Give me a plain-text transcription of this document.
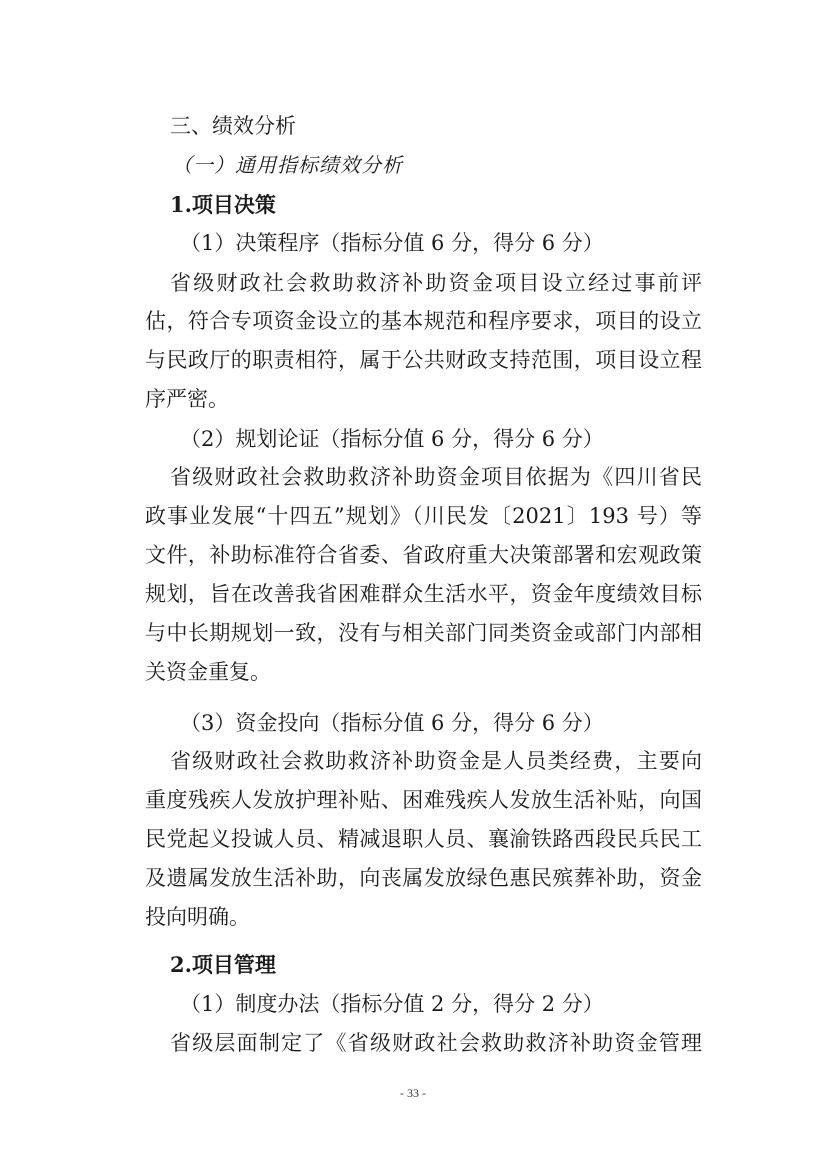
三、绩效分析
（一）通用指标绩效分析
1.项目决策
（1）决策程序（指标分值 6 分，得分 6 分）
省级财政社会救助救济补助资金项目设立经过事前评
估，符合专项资金设立的基本规范和程序要求，项目的设立
与民政厅的职责相符，属于公共财政支持范围，项目设立程
序严密。
（2）规划论证（指标分值 6 分，得分 6 分）
省级财政社会救助救济补助资金项目依据为《四川省民
政事业发展“十四五”规划》（川民发〔2021〕193 号）等
文件，补助标准符合省委、省政府重大决策部署和宏观政策
规划，旨在改善我省困难群众生活水平，资金年度绩效目标
与中长期规划一致，没有与相关部门同类资金或部门内部相
关资金重复。
（3）资金投向（指标分值 6 分，得分 6 分）
省级财政社会救助救济补助资金是人员类经费，主要向
重度残疾人发放护理补贴、困难残疾人发放生活补贴，向国
民党起义投诚人员、精减退职人员、襄渝铁路西段民兵民工
及遗属发放生活补助，向丧属发放绿色惠民殡葬补助，资金
投向明确。
2.项目管理
（1）制度办法（指标分值 2 分，得分 2 分）
省级层面制定了《省级财政社会救助救济补助资金管理
- 33 -
